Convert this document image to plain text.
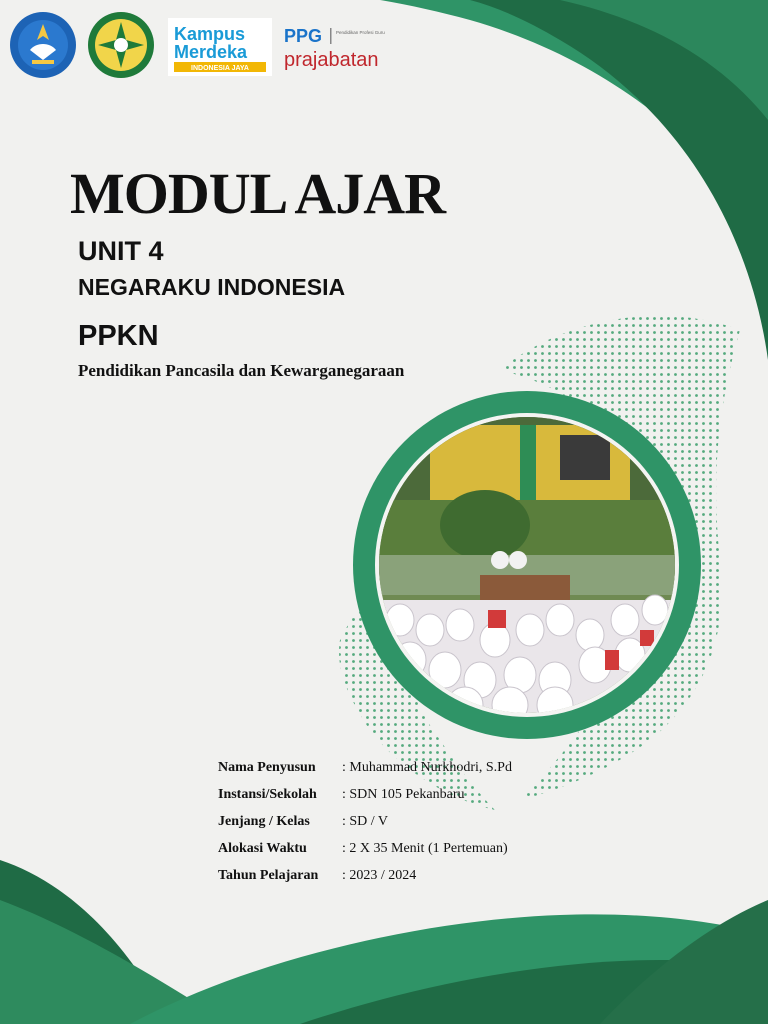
Kampus
Merdeka
INDONESIA JAYA
PPG	Pendidikan Profesi Guru
prajabatan
MODUL AJAR
UNIT 4
NEGARAKU INDONESIA
PPKN
Pendidikan Pancasila dan Kewarganegaraan
Nama Penyusun	: Muhammad Nurkhodri, S.Pd
Instansi/Sekolah	: SDN 105 Pekanbaru
Jenjang / Kelas	: SD / V
Alokasi Waktu	: 2 X 35 Menit (1 Pertemuan)
Tahun Pelajaran	: 2023 / 2024
